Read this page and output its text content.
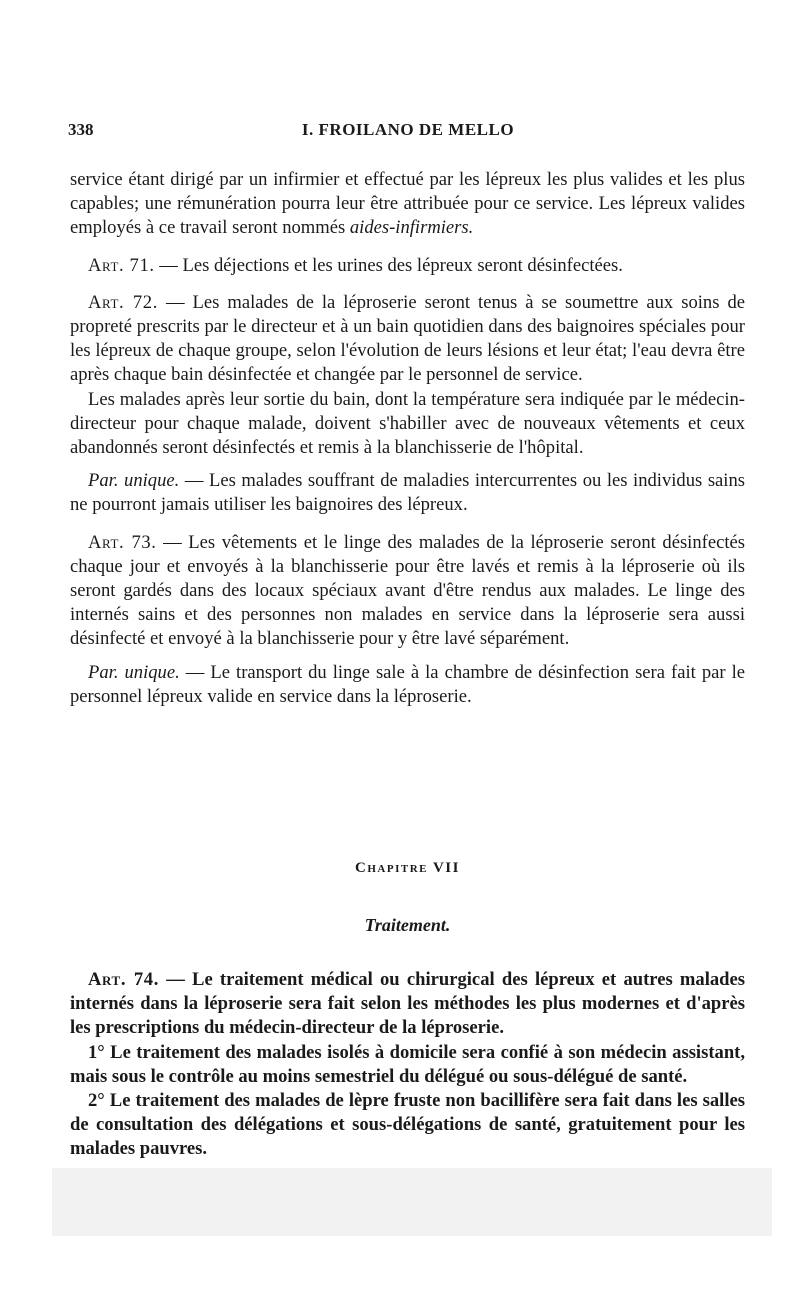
338	I. FROILANO DE MELLO

service étant dirigé par un infirmier et effectué par les lépreux les plus valides et les plus capables; une rémunération pourra leur être attribuée pour ce service. Les lépreux valides employés à ce travail seront nommés aides-infirmiers.

Art. 71. — Les déjections et les urines des lépreux seront désinfectées.

Art. 72. — Les malades de la léproserie seront tenus à se soumettre aux soins de propreté prescrits par le directeur et à un bain quotidien dans des baignoires spéciales pour les lépreux de chaque groupe, selon l'évolution de leurs lésions et leur état; l'eau devra être après chaque bain désinfectée et changée par le personnel de service.

Les malades après leur sortie du bain, dont la température sera indiquée par le médecin-directeur pour chaque malade, doivent s'habiller avec de nouveaux vêtements et ceux abandonnés seront désinfectés et remis à la blanchisserie de l'hôpital.

Par. unique. — Les malades souffrant de maladies intercurrentes ou les individus sains ne pourront jamais utiliser les baignoires des lépreux.

Art. 73. — Les vêtements et le linge des malades de la léproserie seront désinfectés chaque jour et envoyés à la blanchisserie pour être lavés et remis à la léproserie où ils seront gardés dans des locaux spéciaux avant d'être rendus aux malades. Le linge des internés sains et des personnes non malades en service dans la léproserie sera aussi désinfecté et envoyé à la blanchisserie pour y être lavé séparément.

Par. unique. — Le transport du linge sale à la chambre de désinfection sera fait par le personnel lépreux valide en service dans la léproserie.

Chapitre VII
Traitement.

Art. 74. — Le traitement médical ou chirurgical des lépreux et autres malades internés dans la léproserie sera fait selon les méthodes les plus modernes et d'après les prescriptions du médecin-directeur de la léproserie.

1° Le traitement des malades isolés à domicile sera confié à son médecin assistant, mais sous le contrôle au moins semestriel du délégué ou sous-délégué de santé.

2° Le traitement des malades de lèpre fruste non bacillifère sera fait dans les salles de consultation des délégations et sous-délégations de santé, gratuitement pour les malades pauvres.
